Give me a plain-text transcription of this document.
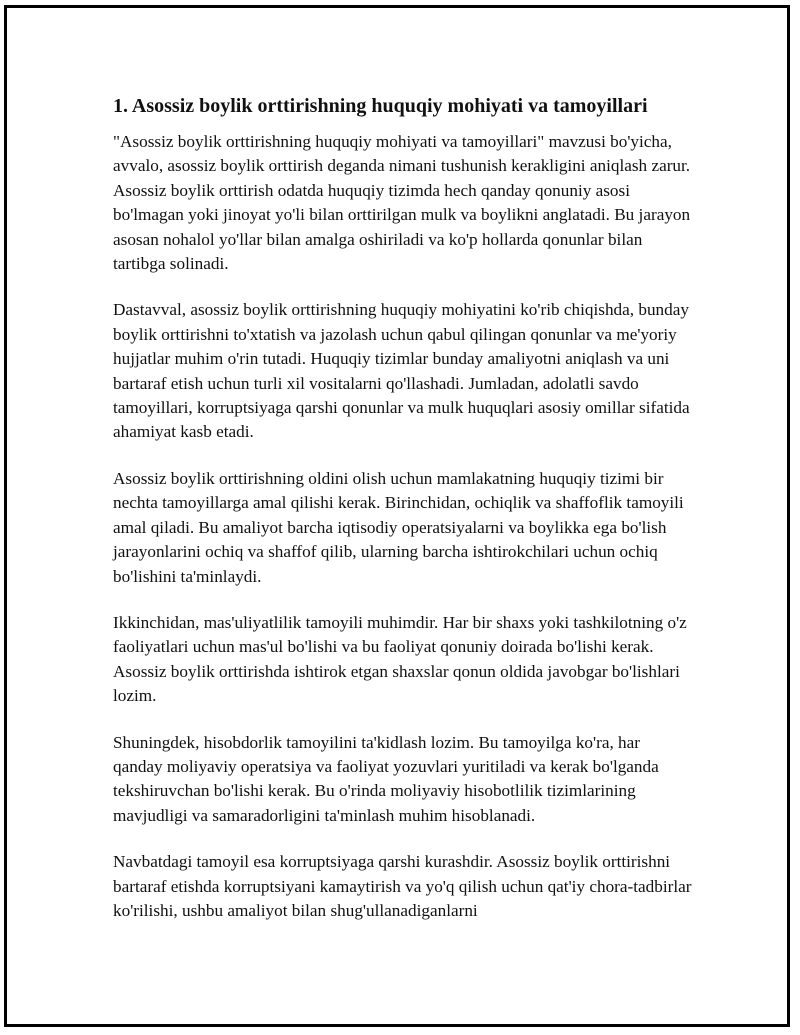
1. Asossiz boylik orttirishning huquqiy mohiyati va tamoyillari

"Asossiz boylik orttirishning huquqiy mohiyati va tamoyillari" mavzusi bo'yicha, avvalo, asossiz boylik orttirish deganda nimani tushunish kerakligini aniqlash zarur. Asossiz boylik orttirish odatda huquqiy tizimda hech qanday qonuniy asosi bo'lmagan yoki jinoyat yo'li bilan orttirilgan mulk va boylikni anglatadi. Bu jarayon asosan nohalol yo'llar bilan amalga oshiriladi va ko'p hollarda qonunlar bilan tartibga solinadi.

Dastavval, asossiz boylik orttirishning huquqiy mohiyatini ko'rib chiqishda, bunday boylik orttirishni to'xtatish va jazolash uchun qabul qilingan qonunlar va me'yoriy hujjatlar muhim o'rin tutadi. Huquqiy tizimlar bunday amaliyotni aniqlash va uni bartaraf etish uchun turli xil vositalarni qo'llashadi. Jumladan, adolatli savdo tamoyillari, korruptsiyaga qarshi qonunlar va mulk huquqlari asosiy omillar sifatida ahamiyat kasb etadi.

Asossiz boylik orttirishning oldini olish uchun mamlakatning huquqiy tizimi bir nechta tamoyillarga amal qilishi kerak. Birinchidan, ochiqlik va shaffoflik tamoyili amal qiladi. Bu amaliyot barcha iqtisodiy operatsiyalarni va boylikka ega bo'lish jarayonlarini ochiq va shaffof qilib, ularning barcha ishtirokchilari uchun ochiq bo'lishini ta'minlaydi.

Ikkinchidan, mas'uliyatlilik tamoyili muhimdir. Har bir shaxs yoki tashkilotning o'z faoliyatlari uchun mas'ul bo'lishi va bu faoliyat qonuniy doirada bo'lishi kerak. Asossiz boylik orttirishda ishtirok etgan shaxslar qonun oldida javobgar bo'lishlari lozim.

Shuningdek, hisobdorlik tamoyilini ta'kidlash lozim. Bu tamoyilga ko'ra, har qanday moliyaviy operatsiya va faoliyat yozuvlari yuritiladi va kerak bo'lganda tekshiruvchan bo'lishi kerak. Bu o'rinda moliyaviy hisobotlilik tizimlarining mavjudligi va samaradorligini ta'minlash muhim hisoblanadi.

Navbatdagi tamoyil esa korruptsiyaga qarshi kurashdir. Asossiz boylik orttirishni bartaraf etishda korruptsiyani kamaytirish va yo'q qilish uchun qat'iy chora-tadbirlar ko'rilishi, ushbu amaliyot bilan shug'ullanadiganlarni
